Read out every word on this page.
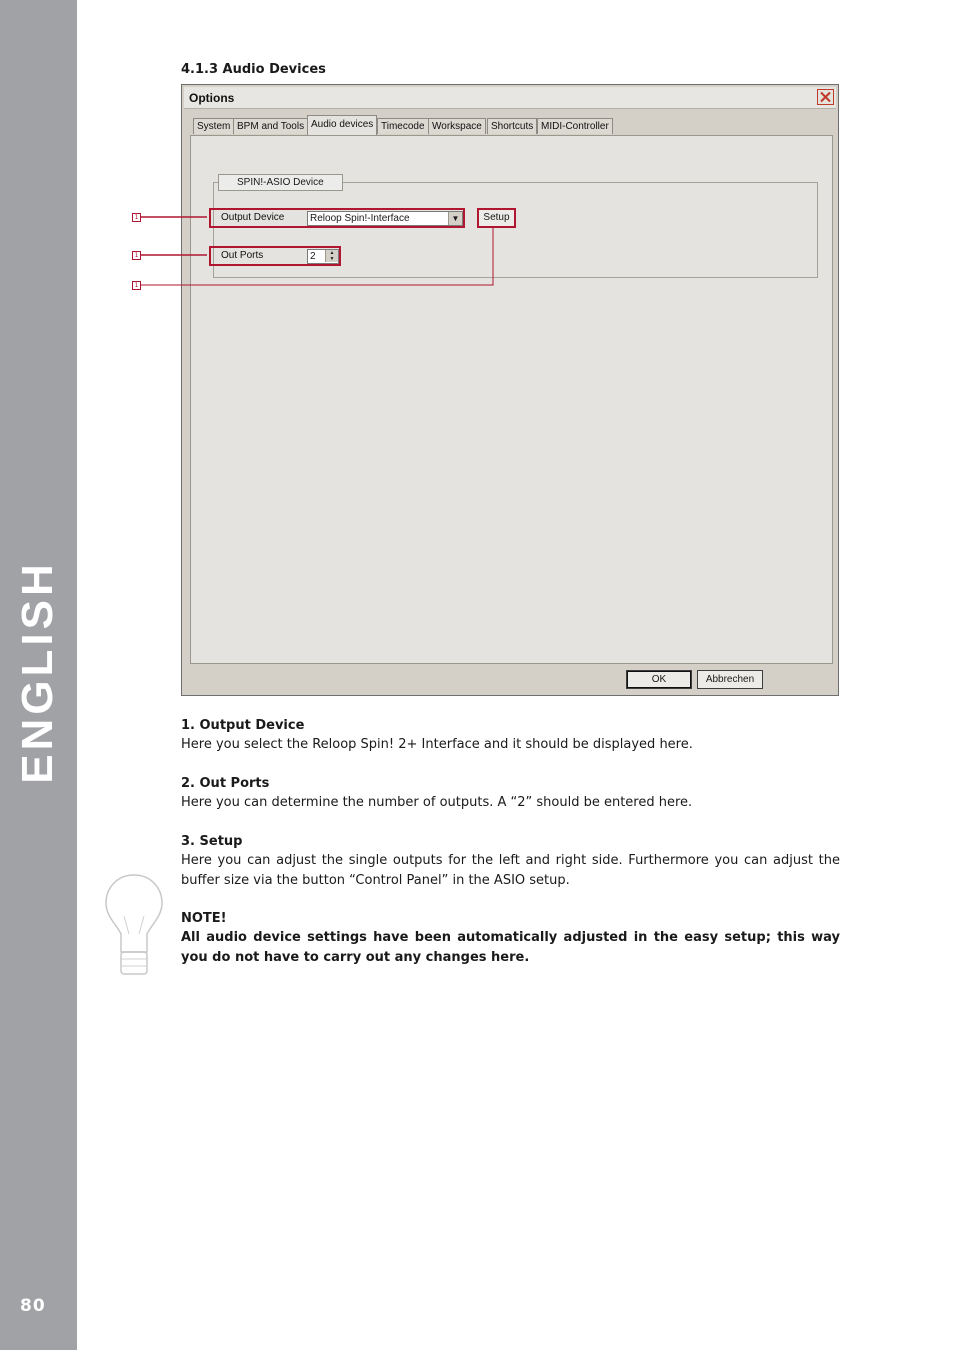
ENGLISH
80
4.1.3 Audio Devices
Options
System BPM and Tools Audio devices Timecode Workspace Shortcuts MIDI-Controller
SPIN!-ASIO Device
Output Device	Reloop Spin!-Interface	▼	Setup
Out Ports	2	▲
▼
OK	Abbrechen
1
1
1

1. Output Device

Here you select the Reloop Spin! 2+ Interface and it should be displayed here.

2. Out Ports

Here you can determine the number of outputs. A “2” should be entered here.

3. Setup

Here you can adjust the single outputs for the left and right side. Furthermore you can adjust the buffer size via the button “Control Panel” in the ASIO setup.

NOTE!

All audio device settings have been automatically adjusted in the easy setup; this way you do not have to carry out any changes here.
